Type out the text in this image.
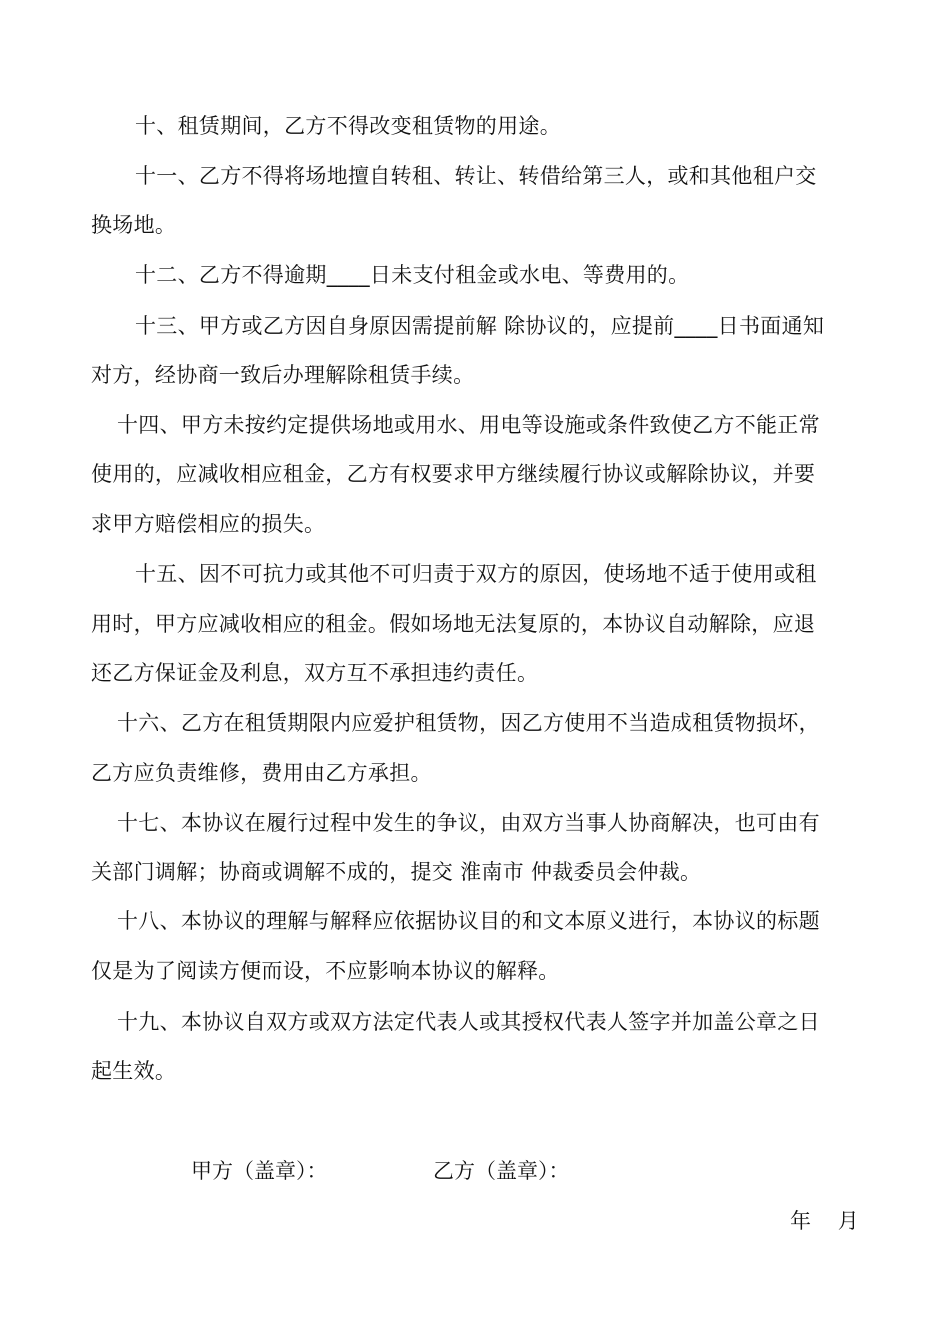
十、租赁期间，乙方不得改变租赁物的用途。
十一、乙方不得将场地擅自转租、转让、转借给第三人，或和其他租户交
换场地。
十二、乙方不得逾期____日未支付租金或水电、等费用的。
十三、甲方或乙方因自身原因需提前解 除协议的，应提前____日书面通知
对方，经协商一致后办理解除租赁手续。
十四、甲方未按约定提供场地或用水、用电等设施或条件致使乙方不能正常
使用的，应减收相应租金，乙方有权要求甲方继续履行协议或解除协议，并要
求甲方赔偿相应的损失。
十五、因不可抗力或其他不可归责于双方的原因，使场地不适于使用或租
用时，甲方应减收相应的租金。假如场地无法复原的，本协议自动解除，应退
还乙方保证金及利息，双方互不承担违约责任。
十六、乙方在租赁期限内应爱护租赁物，因乙方使用不当造成租赁物损坏，
乙方应负责维修，费用由乙方承担。
十七、本协议在履行过程中发生的争议，由双方当事人协商解决，也可由有
关部门调解；协商或调解不成的，提交 淮南市 仲裁委员会仲裁。
十八、本协议的理解与解释应依据协议目的和文本原义进行，本协议的标题
仅是为了阅读方便而设，不应影响本协议的解释。
十九、本协议自双方或双方法定代表人或其授权代表人签字并加盖公章之日
起生效。
甲方（盖章）：	乙方（盖章）：
年    月
